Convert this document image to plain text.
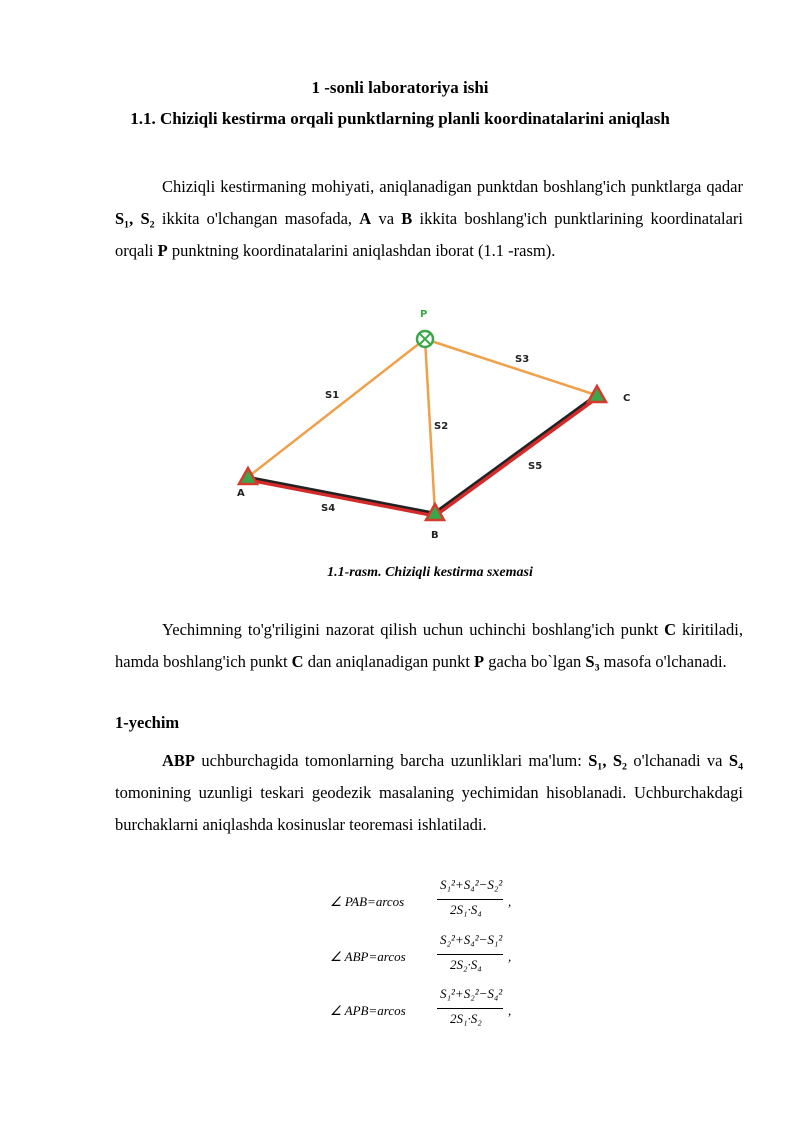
1 -sonli laboratoriya ishi
1.1. Chiziqli kestirma orqali punktlarning planli koordinatalarini aniqlash

Chiziqli kestirmaning mohiyati, aniqlanadigan punktdan boshlang'ich punktlarga qadar S₁, S₂ ikkita o'lchangan masofada, A va B ikkita boshlang'ich punktlarining koordinatalari orqali P punktning koordinatalarini aniqlashdan iborat (1.1 -rasm).

P
A
B
C
S1
S2
S3
S4
S5
1.1-rasm. Chiziqli kestirma sxemasi

Yechimning to'g'riligini nazorat qilish uchun uchinchi boshlang'ich punkt C kiritiladi, hamda boshlang'ich punkt C dan aniqlanadigan punkt P gacha bo`lgan S₃ masofa o'lchanadi.

1-yechim

ABP uchburchagida tomonlarning barcha uzunliklari ma'lum: S₁, S₂ o'lchanadi va S₄ tomonining uzunligi teskari geodezik masalaning yechimidan hisoblanadi. Uchburchakdagi burchaklarni aniqlashda kosinuslar teoremasi ishlatiladi.

∠ PAB=arcos
S₁²+S₄²−S₂²
2S₁·S₄
,
∠ ABP=arcos
S₂²+S₄²−S₁²
2S₂·S₄
,
∠ APB=arcos
S₁²+S₂²−S₄²
2S₁·S₂
,
